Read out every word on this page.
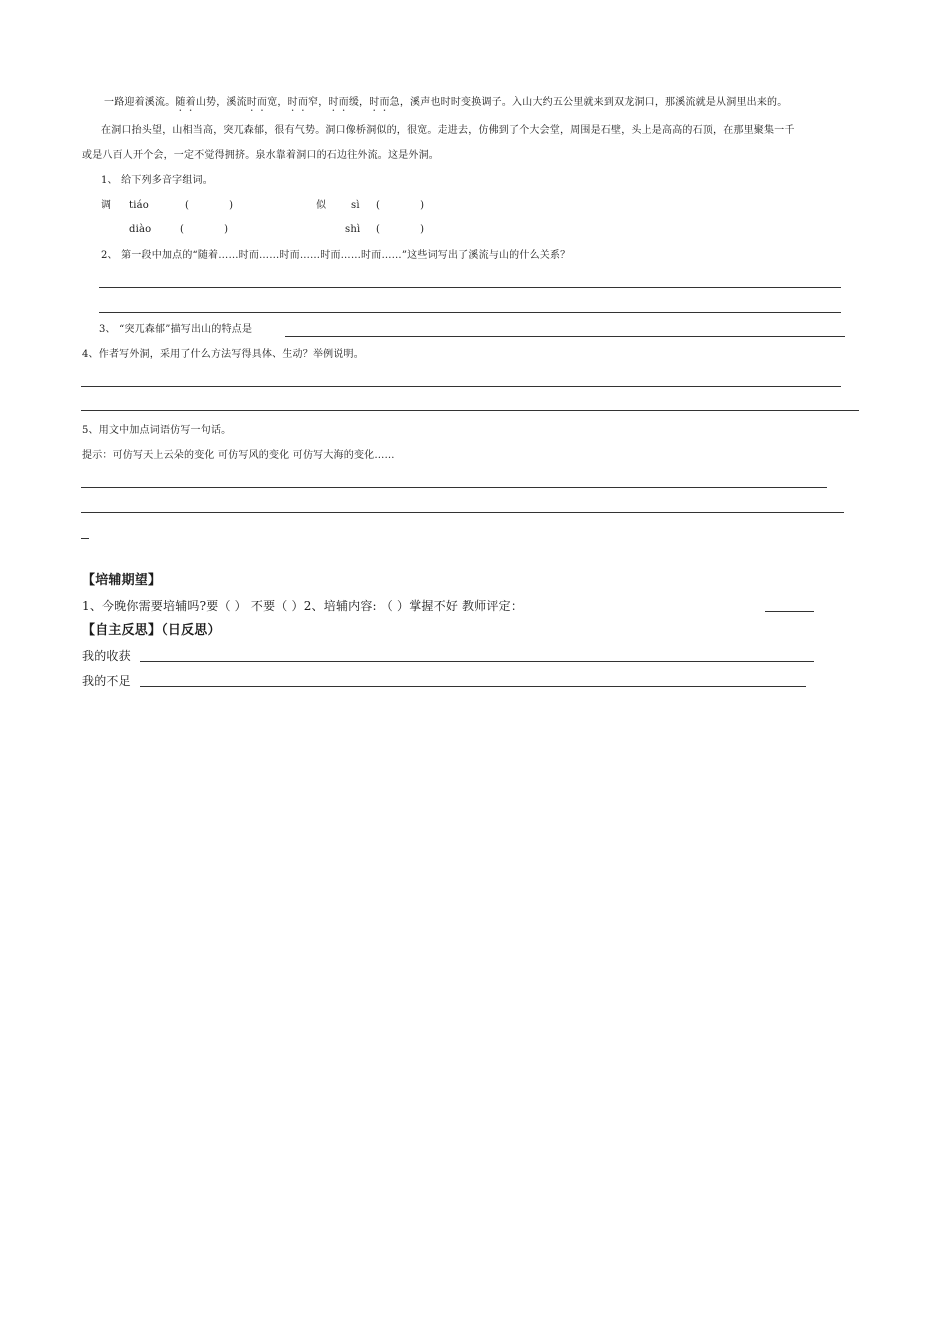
一路迎着溪流。随着山势，溪流时而宽，时而窄，时而缓，时而急，溪声也时时变换调子。入山大约五公里就来到双龙洞口，那溪流就是从洞里出来的。
在洞口抬头望，山相当高，突兀森郁，很有气势。洞口像桥洞似的，很宽。走进去，仿佛到了个大会堂，周围是石壁，头上是高高的石顶，在那里聚集一千
或是八百人开个会，一定不觉得拥挤。泉水靠着洞口的石边往外流。这是外洞。
1、 给下列多音字组词。
调 tiáo	(	)	似 sì (	)
diào	(	)	shì (	)
2、 第一段中加点的“随着……时而……时而……时而……时而……”这些词写出了溪流与山的什么关系？
3、 “突兀森郁”描写出山的特点是
4、作者写外洞，采用了什么方法写得具体、生动？举例说明。
5、用文中加点词语仿写一句话。
提示：可仿写天上云朵的变化 可仿写风的变化 可仿写大海的变化……
【培辅期望】
1、今晚你需要培辅吗?要（ ） 不要（ ）2、培辅内容: （ ）掌握不好 教师评定：
【自主反思】（日反思）
我的收获
我的不足
